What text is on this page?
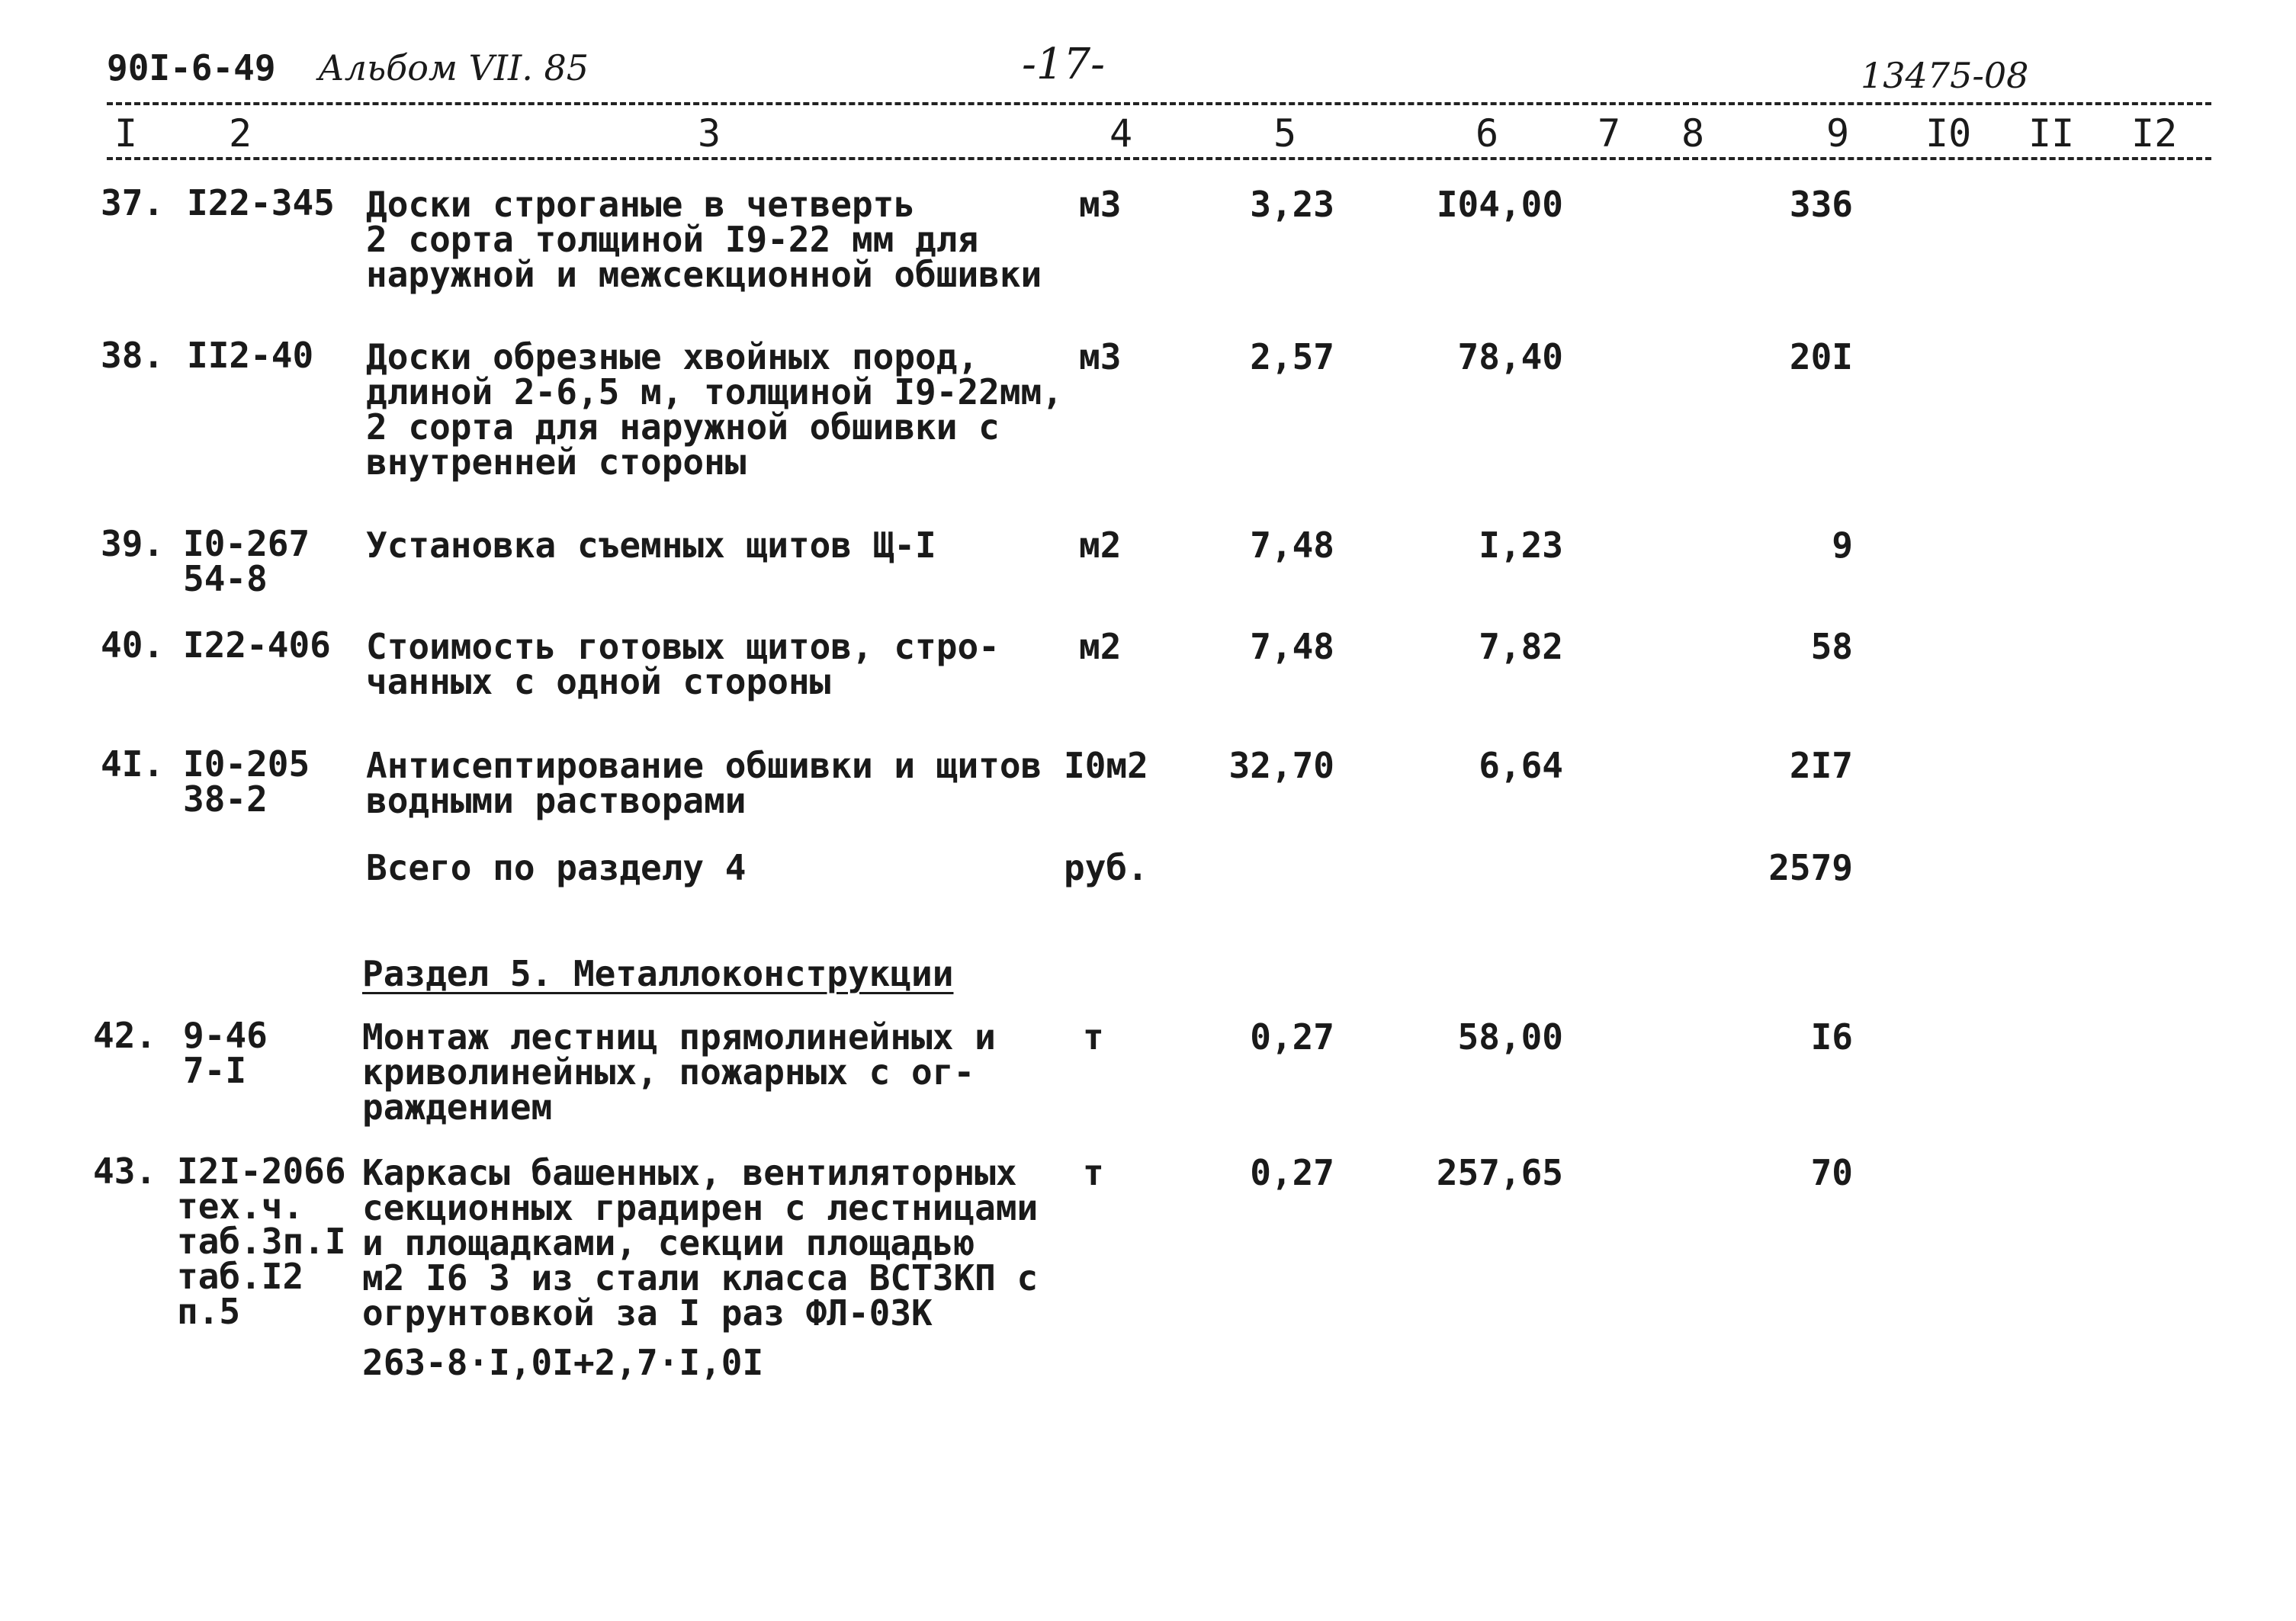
90I-6-49 Альбом VII. 85	-17-	13475-08
I 2	3	4	5	6	7 8	9 I0 II I2
37. I22-345 Доски строганые в четверть
2 сорта толщиной I9-22 мм для
наружной и межсекционной обшивки
м3	3,23	I04,00	336
38. II2-40 Доски обрезные хвойных пород,
длиной 2-6,5 м, толщиной I9-22мм,
2 сорта для наружной обшивки с
внутренней стороны
м3	2,57	78,40	20I
39. I0-267
54-8
Установка съемных щитов Щ-I	м2	7,48	I,23	9
40. I22-406 Стоимость готовых щитов, стро-
чанных с одной стороны
м2	7,48	7,82	58
4I. I0-205
38-2
Антисептирование обшивки и щитов
водными растворами
I0м2	32,70	6,64	2I7
Всего по разделу 4	руб.	2579
Раздел 5. Металлоконструкции
42. 9-46
7-I
Монтаж лестниц прямолинейных и
криволинейных, пожарных с ог-
раждением
т	0,27	58,00	I6
43. I2I-2066
тех.ч.
таб.3п.I
таб.I2
п.5
Каркасы башенных, вентиляторных
секционных градирен с лестницами
и площадками, секции площадью
м2 I6 3 из стали класса ВСТ3КП с
огрунтовкой за I раз ФЛ-03К
т	0,27	257,65	70
263-8·I,0I+2,7·I,0I
